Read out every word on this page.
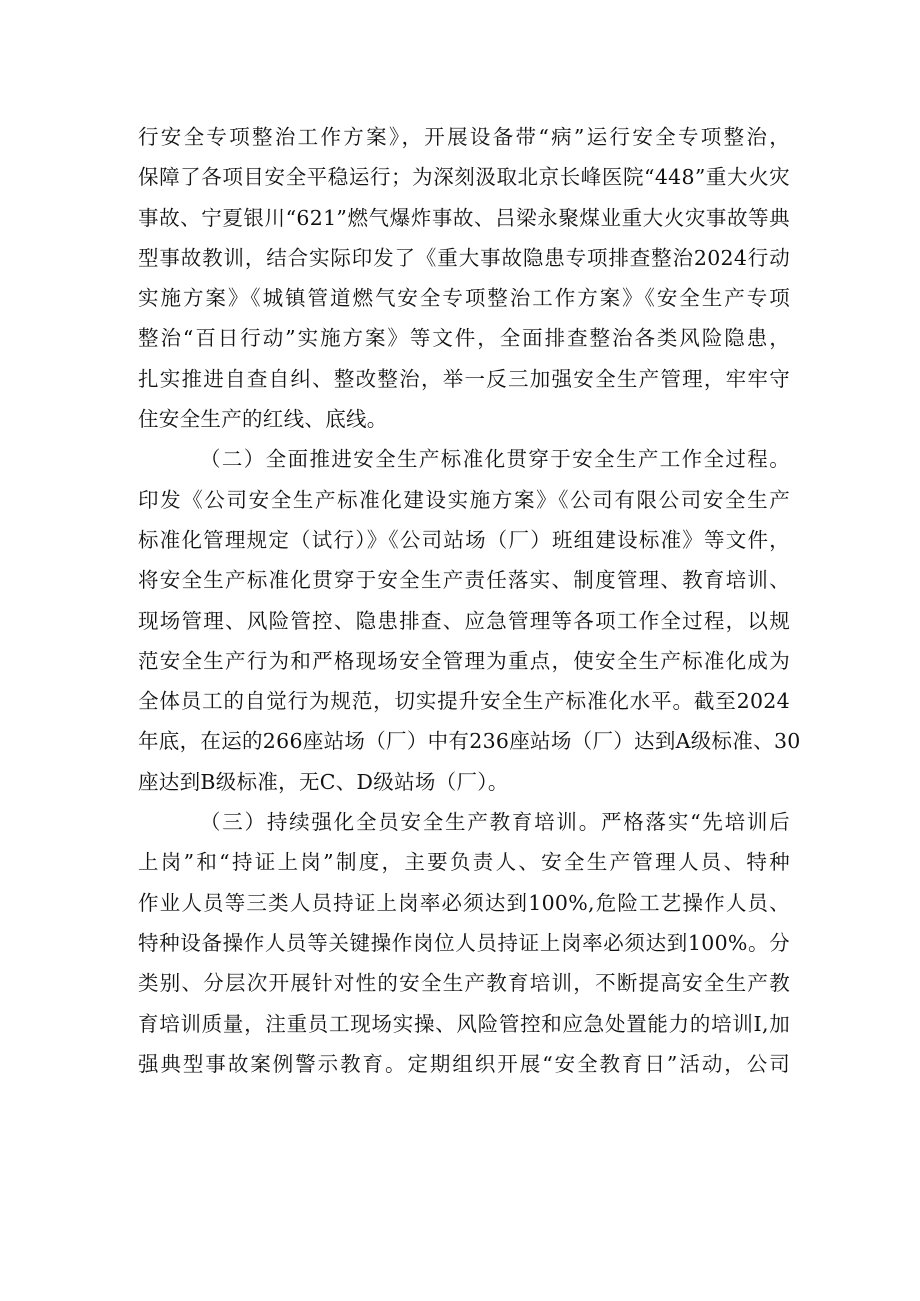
行安全专项整治工作方案》，开展设备带“病”运行安全专项整治，
保障了各项目安全平稳运行；为深刻汲取北京长峰医院“448”重大火灾
事故、宁夏银川“621”燃气爆炸事故、吕梁永聚煤业重大火灾事故等典
型事故教训，结合实际印发了《重大事故隐患专项排查整治2024行动
实施方案》《城镇管道燃气安全专项整治工作方案》《安全生产专项
整治“百日行动”实施方案》等文件，全面排查整治各类风险隐患，
扎实推进自查自纠、整改整治，举一反三加强安全生产管理，牢牢守
住安全生产的红线、底线。
（二）全面推进安全生产标准化贯穿于安全生产工作全过程。
印发《公司安全生产标准化建设实施方案》《公司有限公司安全生产
标准化管理规定（试行）》《公司站场（厂）班组建设标准》等文件，
将安全生产标准化贯穿于安全生产责任落实、制度管理、教育培训、
现场管理、风险管控、隐患排查、应急管理等各项工作全过程，以规
范安全生产行为和严格现场安全管理为重点，使安全生产标准化成为
全体员工的自觉行为规范，切实提升安全生产标准化水平。截至2024
年底，在运的266座站场（厂）中有236座站场（厂）达到A级标准、30
座达到B级标准，无C、D级站场（厂）。
（三）持续强化全员安全生产教育培训。严格落实“先培训后
上岗”和“持证上岗”制度，主要负责人、安全生产管理人员、特种
作业人员等三类人员持证上岗率必须达到100%,危险工艺操作人员、
特种设备操作人员等关键操作岗位人员持证上岗率必须达到100%。分
类别、分层次开展针对性的安全生产教育培训，不断提高安全生产教
育培训质量，注重员工现场实操、风险管控和应急处置能力的培训I,加
强典型事故案例警示教育。定期组织开展“安全教育日”活动，公司
